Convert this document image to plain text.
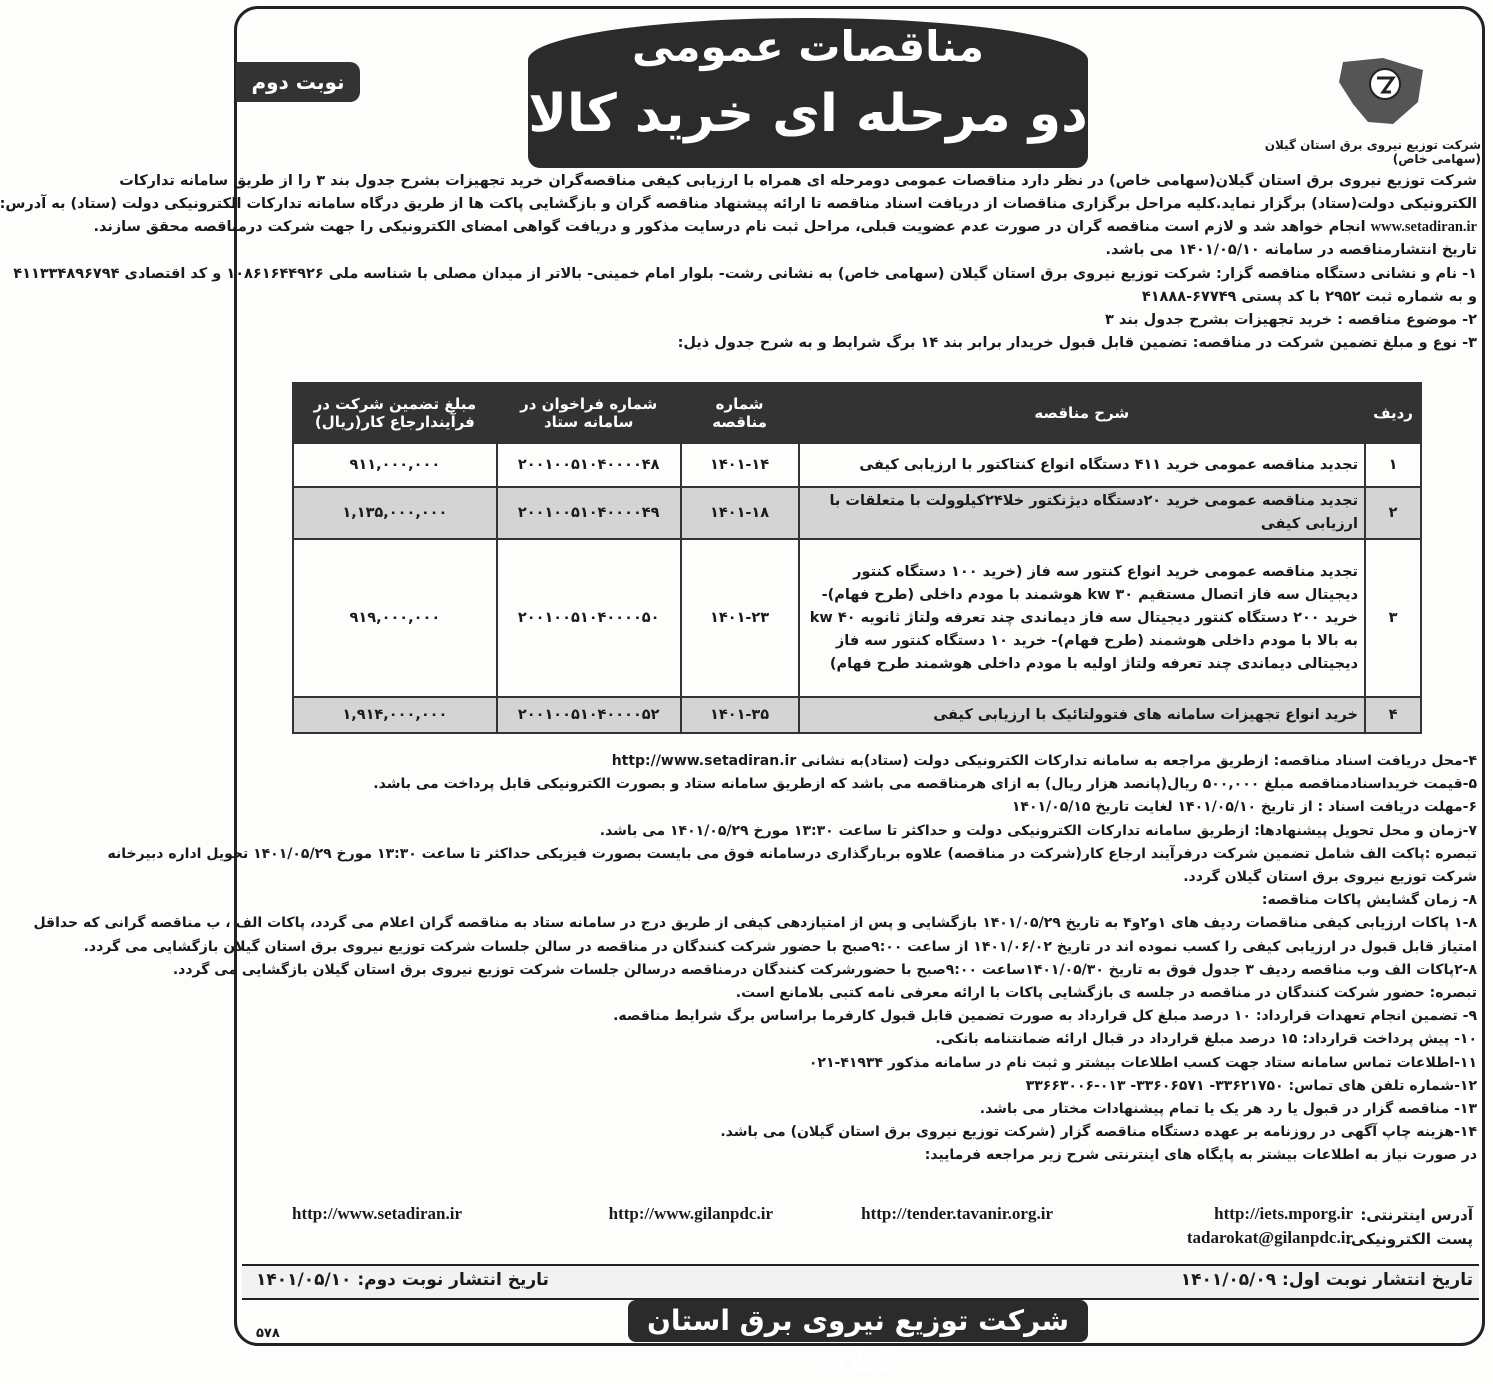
مناقصات عمومی
دو مرحله ای خرید کالا
نوبت دوم
شرکت توزیع نیروی برق استان گیلان (سهامی خاص)
شرکت توزیع نیروی برق استان گیلان(سهامی خاص) در نظر دارد مناقصات عمومی دومرحله ای همراه با ارزیابی کیفی مناقصه‌گران خرید تجهیزات بشرح جدول بند ۳ را از طریق سامانه تدارکات
الکترونیکی دولت(ستاد) برگزار نماید.کلیه مراحل برگزاری مناقصات از دریافت اسناد مناقصه تا ارائه پیشنهاد مناقصه گران و بازگشایی پاکت ها از طریق درگاه سامانه تدارکات الکترونیکی دولت (ستاد) به آدرس:
www.setadiran.ir انجام خواهد شد و لازم است مناقصه گران در صورت عدم عضویت قبلی، مراحل ثبت نام درسایت مذکور و دریافت گواهی امضای الکترونیکی را جهت شرکت درمناقصه محقق سازند.
تاریخ انتشارمناقصه در سامانه ۱۴۰۱/۰۵/۱۰ می باشد.
۱- نام و نشانی دستگاه مناقصه گزار: شرکت توزیع نیروی برق استان گیلان (سهامی خاص) به نشانی رشت- بلوار امام خمینی- بالاتر از میدان مصلی با شناسه ملی ۱۰۸۶۱۶۴۴۹۲۶ و کد اقتصادی ۴۱۱۳۳۴۸۹۶۷۹۴
و به شماره ثبت ۲۹۵۲ با کد پستی ۶۷۷۴۹-۴۱۸۸۸
۲- موضوع مناقصه : خرید تجهیزات بشرح جدول بند ۳
۳- نوع و مبلغ تضمین شرکت در مناقصه: تضمین قابل قبول خریدار برابر بند ۱۴ برگ شرایط و به شرح جدول ذیل:
ردیف	شرح مناقصه	شماره مناقصه	شماره فراخوان در سامانه ستاد	مبلغ تضمین شرکت در فرآیندارجاع کار(ریال)
۱	تجدید مناقصه عمومی خرید ۴۱۱ دستگاه انواع کنتاکتور با ارزیابی کیفی	۱۴۰۱-۱۴	۲۰۰۱۰۰۵۱۰۴۰۰۰۰۴۸	۹۱۱,۰۰۰,۰۰۰
۲	تجدید مناقصه عمومی خرید ۲۰دستگاه دیژنکتور خلا۲۴کیلوولت با متعلقات با ارزیابی کیفی	۱۴۰۱-۱۸	۲۰۰۱۰۰۵۱۰۴۰۰۰۰۴۹	۱,۱۳۵,۰۰۰,۰۰۰
۳	تجدید مناقصه عمومی خرید انواع کنتور سه فاز (خرید ۱۰۰ دستگاه کنتور دیجیتال سه فاز اتصال مستقیم ۳۰ kw هوشمند با مودم داخلی (طرح فهام)- خرید ۲۰۰ دستگاه کنتور دیجیتال سه فاز دیماندی چند تعرفه ولتاژ ثانویه ۴۰ kw به بالا با مودم داخلی هوشمند (طرح فهام)- خرید ۱۰ دستگاه کنتور سه فاز دیجیتالی دیماندی چند تعرفه ولتاژ اولیه با مودم داخلی هوشمند طرح فهام)	۱۴۰۱-۲۳	۲۰۰۱۰۰۵۱۰۴۰۰۰۰۵۰	۹۱۹,۰۰۰,۰۰۰
۴	خرید انواع تجهیزات سامانه های فتوولتائیک با ارزیابی کیفی	۱۴۰۱-۳۵	۲۰۰۱۰۰۵۱۰۴۰۰۰۰۵۲	۱,۹۱۴,۰۰۰,۰۰۰
۴-محل دریافت اسناد مناقصه: ازطریق مراجعه به سامانه تدارکات الکترونیکی دولت (ستاد)به نشانی http://www.setadiran.ir
۵-قیمت خریداسنادمناقصه مبلغ ۵۰۰,۰۰۰ ریال(پانصد هزار ریال) به ازای هرمناقصه می باشد که ازطریق سامانه ستاد و بصورت الکترونیکی قابل پرداخت می باشد.
۶-مهلت دریافت اسناد : از تاریخ ۱۴۰۱/۰۵/۱۰ لغایت تاریخ ۱۴۰۱/۰۵/۱۵
۷-زمان و محل تحویل پیشنهادها: ازطریق سامانه تدارکات الکترونیکی دولت و حداکثر تا ساعت ۱۳:۳۰ مورخ ۱۴۰۱/۰۵/۲۹ می باشد.
تبصره :پاکت الف شامل تضمین شرکت درفرآیند ارجاع کار(شرکت در مناقصه) علاوه بربارگذاری درسامانه فوق می بایست بصورت فیزیکی حداکثر تا ساعت ۱۳:۳۰ مورخ ۱۴۰۱/۰۵/۲۹ تحویل اداره دبیرخانه
شرکت توزیع نیروی برق استان گیلان گردد.
۸- زمان گشایش پاکات مناقصه:
۱-۸ پاکات ارزیابی کیفی مناقصات ردیف های ۱و۲و۴ به تاریخ ۱۴۰۱/۰۵/۲۹ بازگشایی و پس از امتیازدهی کیفی از طریق درج در سامانه ستاد به مناقصه گران اعلام می گردد، پاکات الف ، ب مناقصه گرانی که حداقل
امتیاز قابل قبول در ارزیابی کیفی را کسب نموده اند در تاریخ ۱۴۰۱/۰۶/۰۲ از ساعت ۹:۰۰صبح با حضور شرکت کنندگان در مناقصه در سالن جلسات شرکت توزیع نیروی برق استان گیلان بازگشایی می گردد.
۲-۸پاکات الف وب مناقصه ردیف ۳ جدول فوق به تاریخ ۱۴۰۱/۰۵/۳۰ساعت ۹:۰۰صبح با حضورشرکت کنندگان درمناقصه درسالن جلسات شرکت توزیع نیروی برق استان گیلان بازگشایی می گردد.
تبصره: حضور شرکت کنندگان در مناقصه در جلسه ی بازگشایی پاکات با ارائه معرفی نامه کتبی بلامانع است.
۹- تضمین انجام تعهدات قرارداد: ۱۰ درصد مبلغ کل قرارداد به صورت تضمین قابل قبول کارفرما براساس برگ شرایط مناقصه.
۱۰- پیش پرداخت قرارداد: ۱۵ درصد مبلغ قرارداد در قبال ارائه ضمانتنامه بانکی.
۱۱-اطلاعات تماس سامانه ستاد جهت کسب اطلاعات بیشتر و ثبت نام در سامانه مذکور ۴۱۹۳۴-۰۲۱
۱۲-شماره تلفن های تماس: ۳۳۶۲۱۷۵۰- ۳۳۶۰۶۵۷۱- ۰۱۳-۳۳۶۶۳۰۰۶
۱۳- مناقصه گزار در قبول یا رد هر یک یا تمام پیشنهادات مختار می باشد.
۱۴-هزینه چاپ آگهی در روزنامه بر عهده دستگاه مناقصه گزار (شرکت توزیع نیروی برق استان گیلان) می باشد.
در صورت نیاز به اطلاعات بیشتر به پایگاه های اینترنتی شرح زیر مراجعه فرمایید:
آدرس اینترنتی:
پست الکترونیکی:
http://iets.mporg.ir
http://tender.tavanir.org.ir
http://www.gilanpdc.ir
http://www.setadiran.ir
tadarokat@gilanpdc.ir
تاریخ انتشار نوبت اول: ۱۴۰۱/۰۵/۰۹
تاریخ انتشار نوبت دوم: ۱۴۰۱/۰۵/۱۰
شرکت توزیع نیروی برق استان گیلان
۵۷۸
